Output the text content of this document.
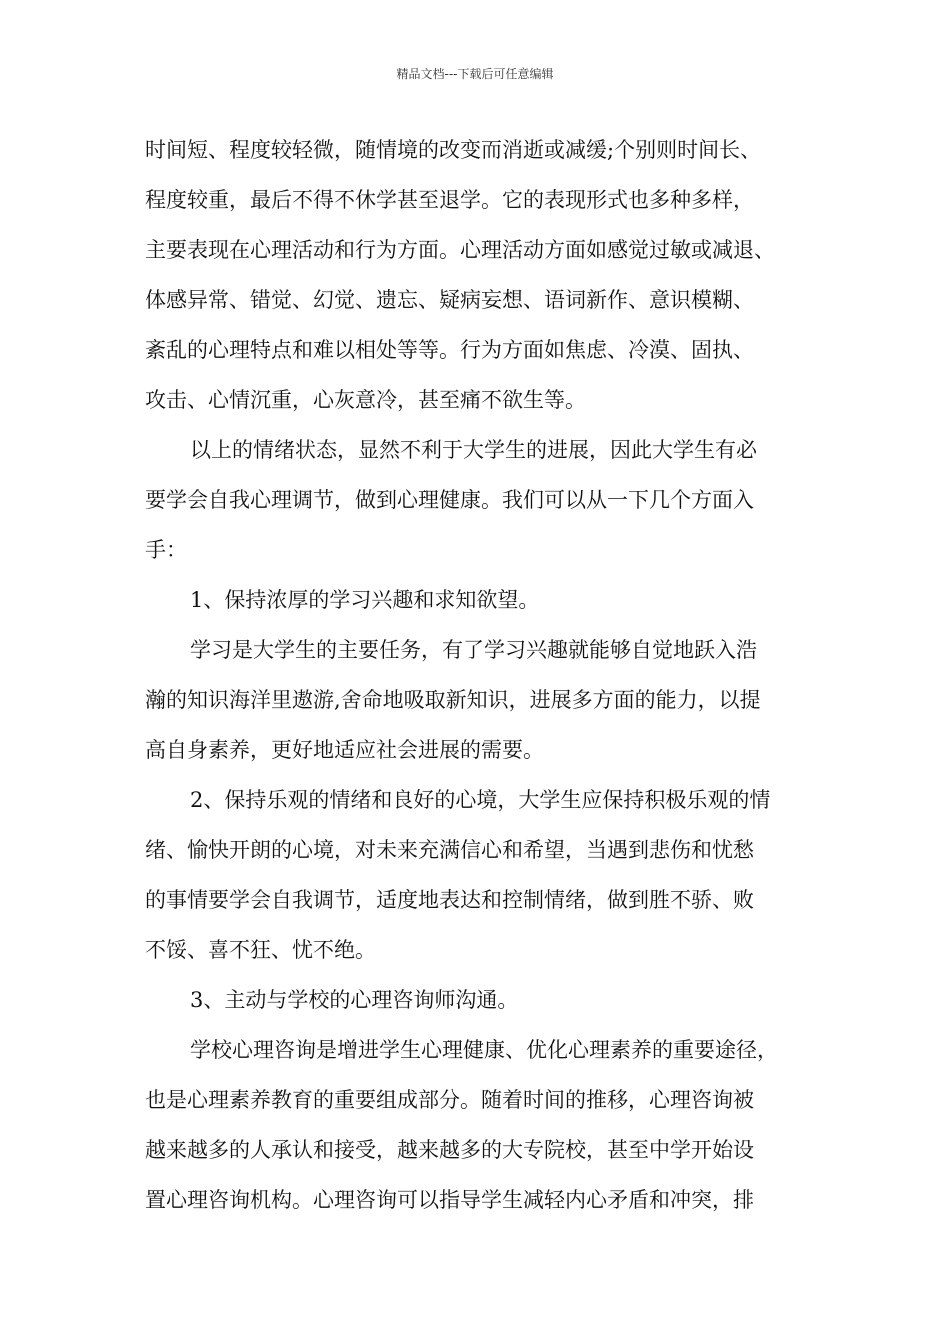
精品文档---下载后可任意编辑
时间短、程度较轻微，随情境的改变而消逝或减缓;个别则时间长、
程度较重，最后不得不休学甚至退学。它的表现形式也多种多样，
主要表现在心理活动和行为方面。心理活动方面如感觉过敏或减退、
体感异常、错觉、幻觉、遗忘、疑病妄想、语词新作、意识模糊、
紊乱的心理特点和难以相处等等。行为方面如焦虑、冷漠、固执、
攻击、心情沉重，心灰意冷，甚至痛不欲生等。
以上的情绪状态，显然不利于大学生的进展，因此大学生有必
要学会自我心理调节，做到心理健康。我们可以从一下几个方面入
手：
1、保持浓厚的学习兴趣和求知欲望。
学习是大学生的主要任务，有了学习兴趣就能够自觉地跃入浩
瀚的知识海洋里遨游,舍命地吸取新知识，进展多方面的能力，以提
高自身素养，更好地适应社会进展的需要。
2、保持乐观的情绪和良好的心境，大学生应保持积极乐观的情
绪、愉快开朗的心境，对未来充满信心和希望，当遇到悲伤和忧愁
的事情要学会自我调节，适度地表达和控制情绪，做到胜不骄、败
不馁、喜不狂、忧不绝。
3、主动与学校的心理咨询师沟通。
学校心理咨询是增进学生心理健康、优化心理素养的重要途径，
也是心理素养教育的重要组成部分。随着时间的推移，心理咨询被
越来越多的人承认和接受，越来越多的大专院校，甚至中学开始设
置心理咨询机构。心理咨询可以指导学生减轻内心矛盾和冲突，排
